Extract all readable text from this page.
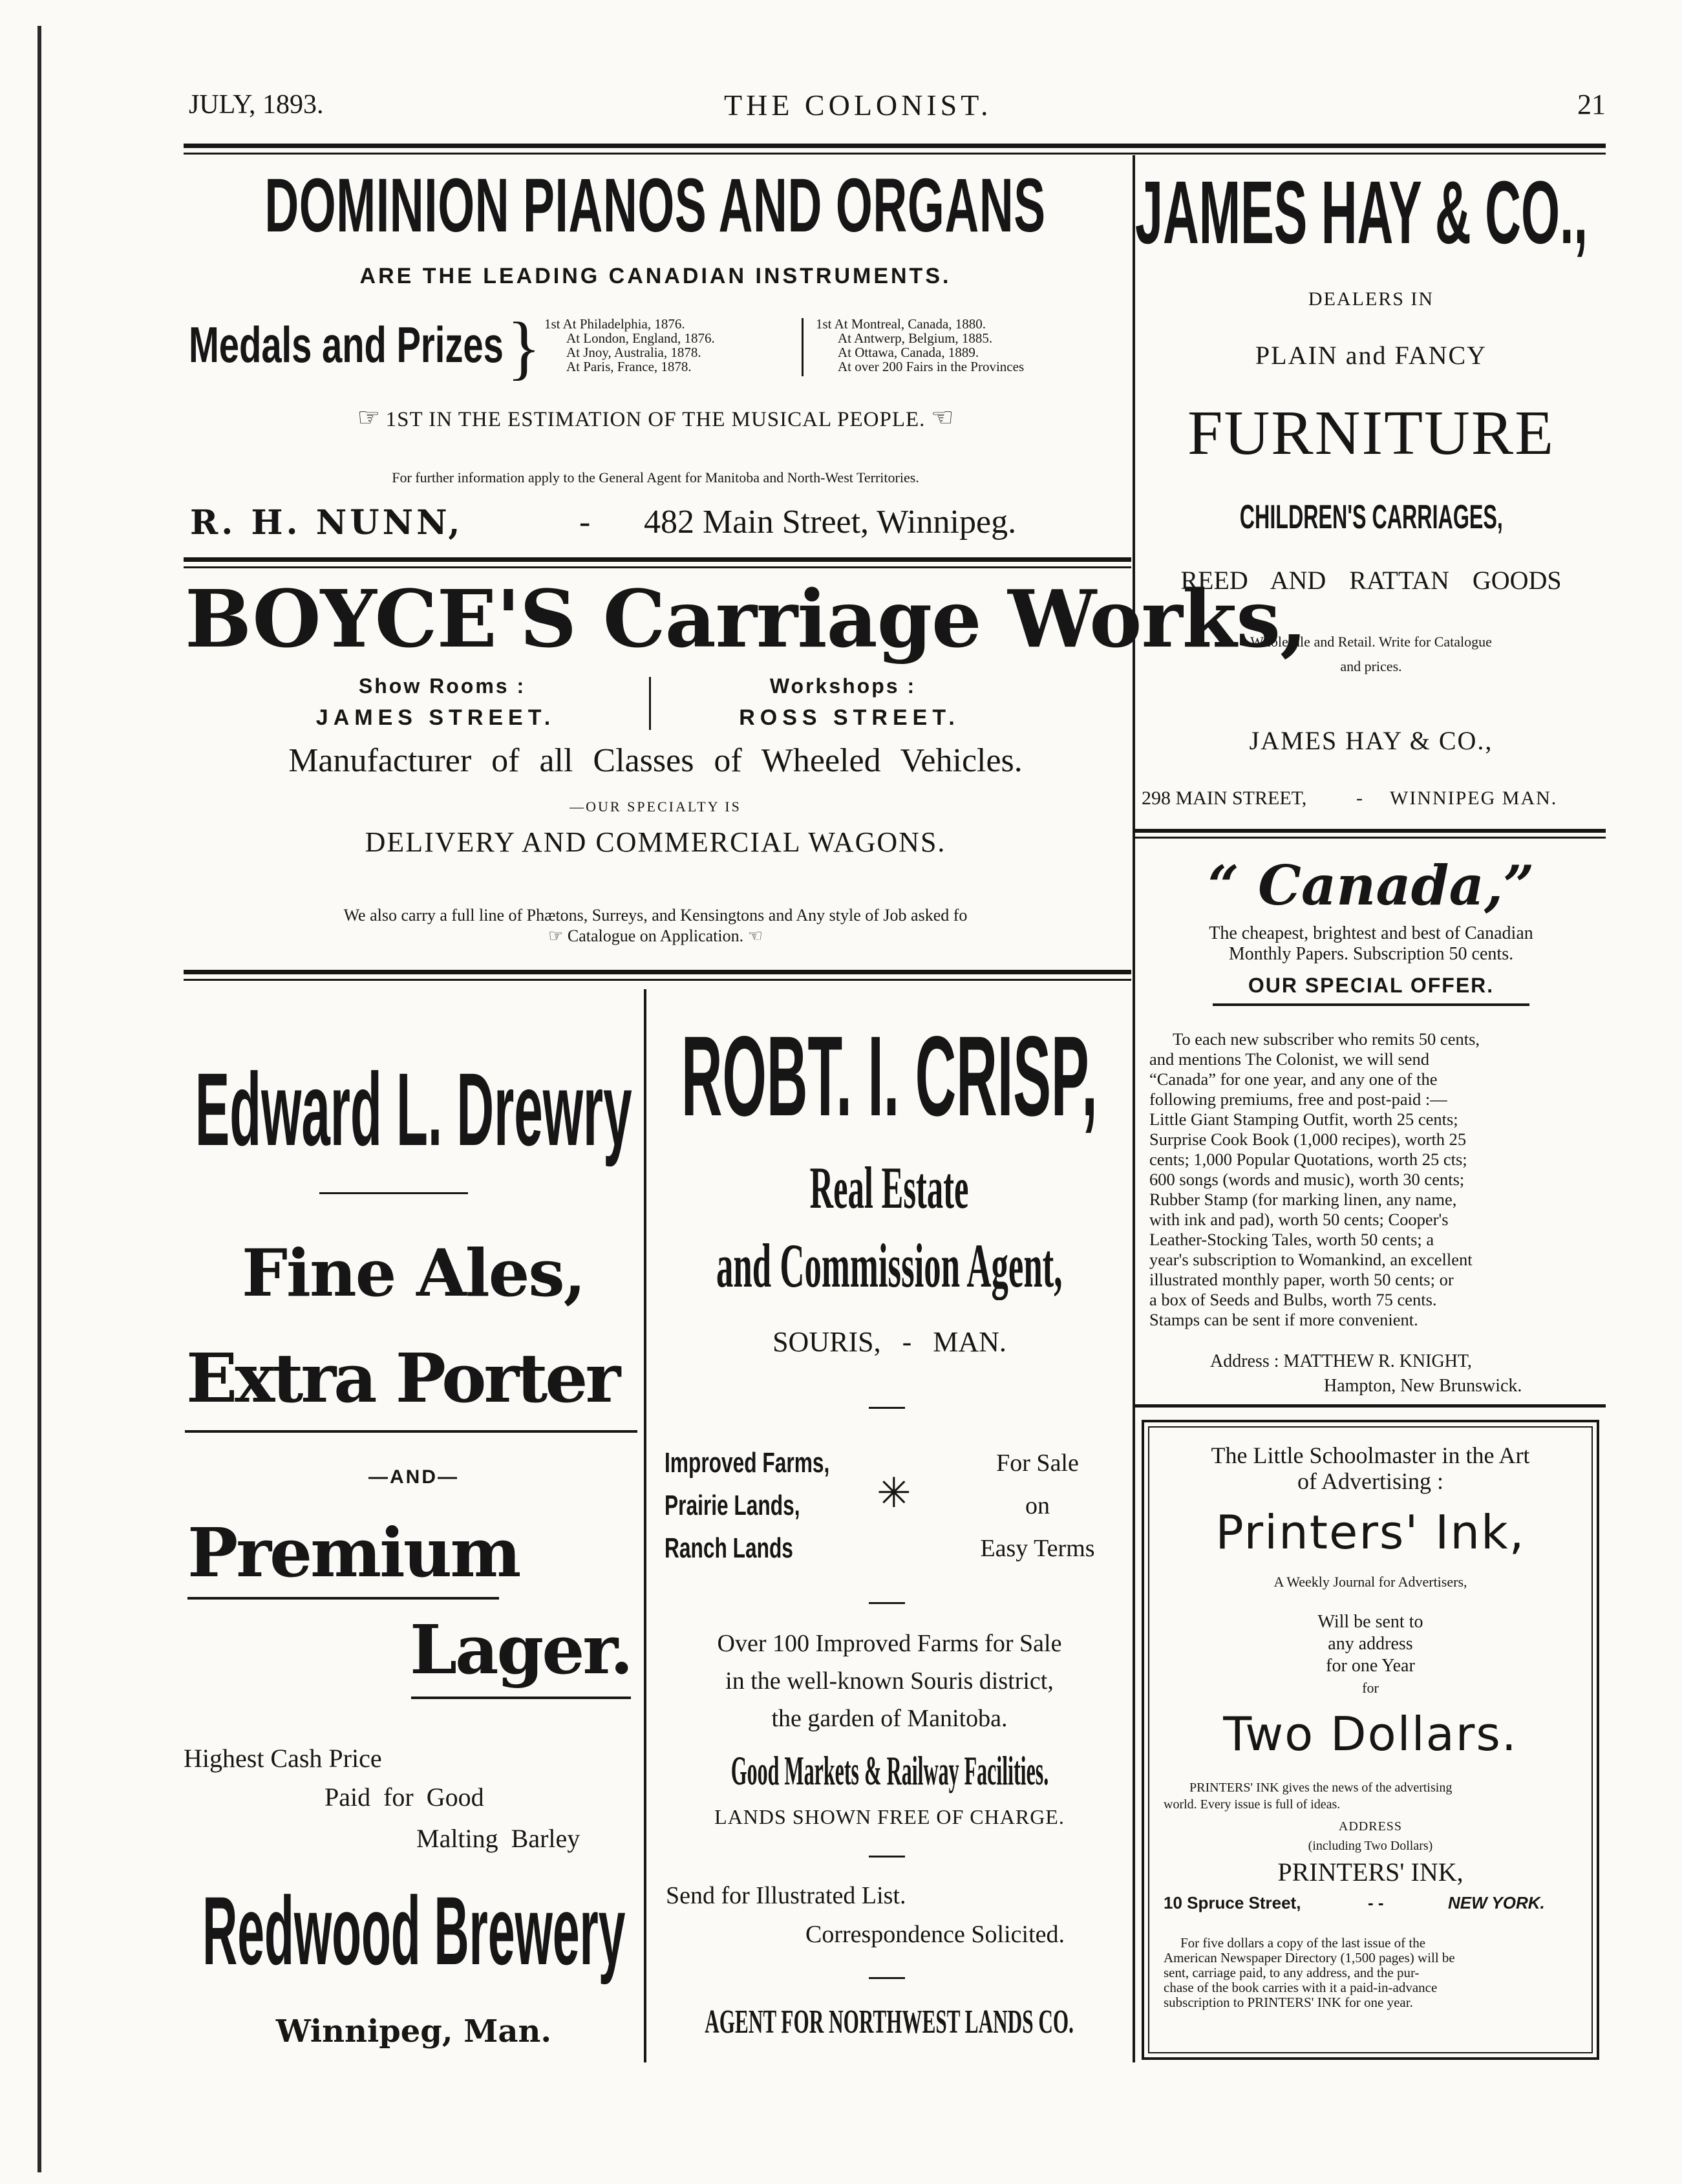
JULY, 1893.	THE COLONIST.	21
DOMINION PIANOS AND ORGANS
ARE THE LEADING CANADIAN INSTRUMENTS.
Medals and Prizes } 1st At Philadelphia, 1876.
At London, England, 1876.
At Jnoy, Australia, 1878.
At Paris, France, 1878.
1st At Montreal, Canada, 1880.
At Antwerp, Belgium, 1885.
At Ottawa, Canada, 1889.
At over 200 Fairs in the Provinces
☞ 1ST IN THE ESTIMATION OF THE MUSICAL PEOPLE. ☜
For further information apply to the General Agent for Manitoba and North-West Territories.
R. H. NUNN,	- 482 Main Street, Winnipeg.
BOYCE'S Carriage Works,
Show Rooms :
JAMES STREET.
Workshops :
ROSS STREET.
Manufacturer of all Classes of Wheeled Vehicles.
—OUR SPECIALTY IS
DELIVERY AND COMMERCIAL WAGONS.
We also carry a full line of Phætons, Surreys, and Kensingtons and Any style of Job asked fo
☞ Catalogue on Application. ☜
Edward L. Drewry
Fine Ales,
Extra Porter
—AND—
Premium
Lager.
Highest Cash Price
Paid for Good
Malting Barley
Redwood Brewery
Winnipeg, Man.
ROBT. I. CRISP,
Real Estate
and Commission Agent,
SOURIS, - MAN.
Improved Farms,
Prairie Lands,
Ranch Lands
✳
For Sale
on
Easy Terms
Over 100 Improved Farms for Sale
in the well-known Souris district,
the garden of Manitoba.
Good Markets & Railway Facilities.
LANDS SHOWN FREE OF CHARGE.
Send for Illustrated List.
Correspondence Solicited.
AGENT FOR NORTHWEST LANDS CO.
JAMES HAY & CO.,
DEALERS IN
PLAIN and FANCY
FURNITURE
CHILDREN'S CARRIAGES,
REED AND RATTAN GOODS
Wholesale and Retail. Write for Catalogue
and prices.
JAMES HAY & CO.,
298 MAIN STREET,	- WINNIPEG MAN.
“ Canada,”
The cheapest, brightest and best of Canadian
Monthly Papers. Subscription 50 cents.
OUR SPECIAL OFFER.
To each new subscriber who remits 50 cents,
and mentions The Colonist, we will send
“Canada” for one year, and any one of the
following premiums, free and post-paid :—
Little Giant Stamping Outfit, worth 25 cents;
Surprise Cook Book (1,000 recipes), worth 25
cents; 1,000 Popular Quotations, worth 25 cts;
600 songs (words and music), worth 30 cents;
Rubber Stamp (for marking linen, any name,
with ink and pad), worth 50 cents; Cooper's
Leather-Stocking Tales, worth 50 cents; a
year's subscription to Womankind, an excellent
illustrated monthly paper, worth 50 cents; or
a box of Seeds and Bulbs, worth 75 cents.
Stamps can be sent if more convenient.
Address : MATTHEW R. KNIGHT,
Hampton, New Brunswick.
The Little Schoolmaster in the Art
of Advertising :
Printers' Ink,
A Weekly Journal for Advertisers,
Will be sent to
any address
for one Year
for
Two Dollars.
PRINTERS' INK gives the news of the advertising
world. Every issue is full of ideas.
ADDRESS
(including Two Dollars)
PRINTERS' INK,
10 Spruce Street,	- -	NEW YORK.
For five dollars a copy of the last issue of the
American Newspaper Directory (1,500 pages) will be
sent, carriage paid, to any address, and the pur-
chase of the book carries with it a paid-in-advance
subscription to PRINTERS' INK for one year.
